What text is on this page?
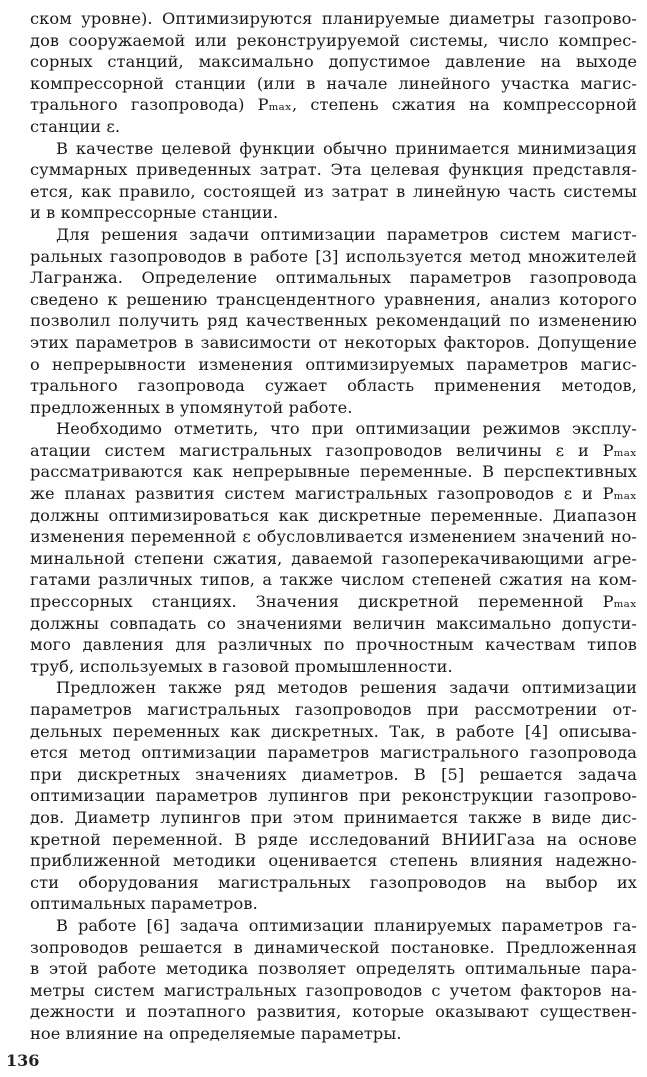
ском уровне). Оптимизируются планируемые диаметры газопрово-
дов сооружаемой или реконструируемой системы, число компрес-
сорных станций, максимально допустимое давление на выходе
компрессорной станции (или в начале линейного участка магис-
трального газопровода) Pₘₐₓ, степень сжатия на компрессорной
станции ε.
В качестве целевой функции обычно принимается минимизация
суммарных приведенных затрат. Эта целевая функция представля-
ется, как правило, состоящей из затрат в линейную часть системы
и в компрессорные станции.
Для решения задачи оптимизации параметров систем магист-
ральных газопроводов в работе [3] используется метод множителей
Лагранжа. Определение оптимальных параметров газопровода
сведено к решению трансцендентного уравнения, анализ которого
позволил получить ряд качественных рекомендаций по изменению
этих параметров в зависимости от некоторых факторов. Допущение
о непрерывности изменения оптимизируемых параметров магис-
трального газопровода сужает область применения методов,
предложенных в упомянутой работе.
Необходимо отметить, что при оптимизации режимов эксплу-
атации систем магистральных газопроводов величины ε и Pₘₐₓ
рассматриваются как непрерывные переменные. В перспективных
же планах развития систем магистральных газопроводов ε и Pₘₐₓ
должны оптимизироваться как дискретные переменные. Диапазон
изменения переменной ε обусловливается изменением значений но-
минальной степени сжатия, даваемой газоперекачивающими агре-
гатами различных типов, а также числом степеней сжатия на ком-
прессорных станциях. Значения дискретной переменной Pₘₐₓ
должны совпадать со значениями величин максимально допусти-
мого давления для различных по прочностным качествам типов
труб, используемых в газовой промышленности.
Предложен также ряд методов решения задачи оптимизации
параметров магистральных газопроводов при рассмотрении от-
дельных переменных как дискретных. Так, в работе [4] описыва-
ется метод оптимизации параметров магистрального газопровода
при дискретных значениях диаметров. В [5] решается задача
оптимизации параметров лупингов при реконструкции газопрово-
дов. Диаметр лупингов при этом принимается также в виде дис-
кретной переменной. В ряде исследований ВНИИГаза на основе
приближенной методики оценивается степень влияния надежно-
сти оборудования магистральных газопроводов на выбор их
оптимальных параметров.
В работе [6] задача оптимизации планируемых параметров га-
зопроводов решается в динамической постановке. Предложенная
в этой работе методика позволяет определять оптимальные пара-
метры систем магистральных газопроводов с учетом факторов на-
дежности и поэтапного развития, которые оказывают существен-
ное влияние на определяемые параметры.
136
